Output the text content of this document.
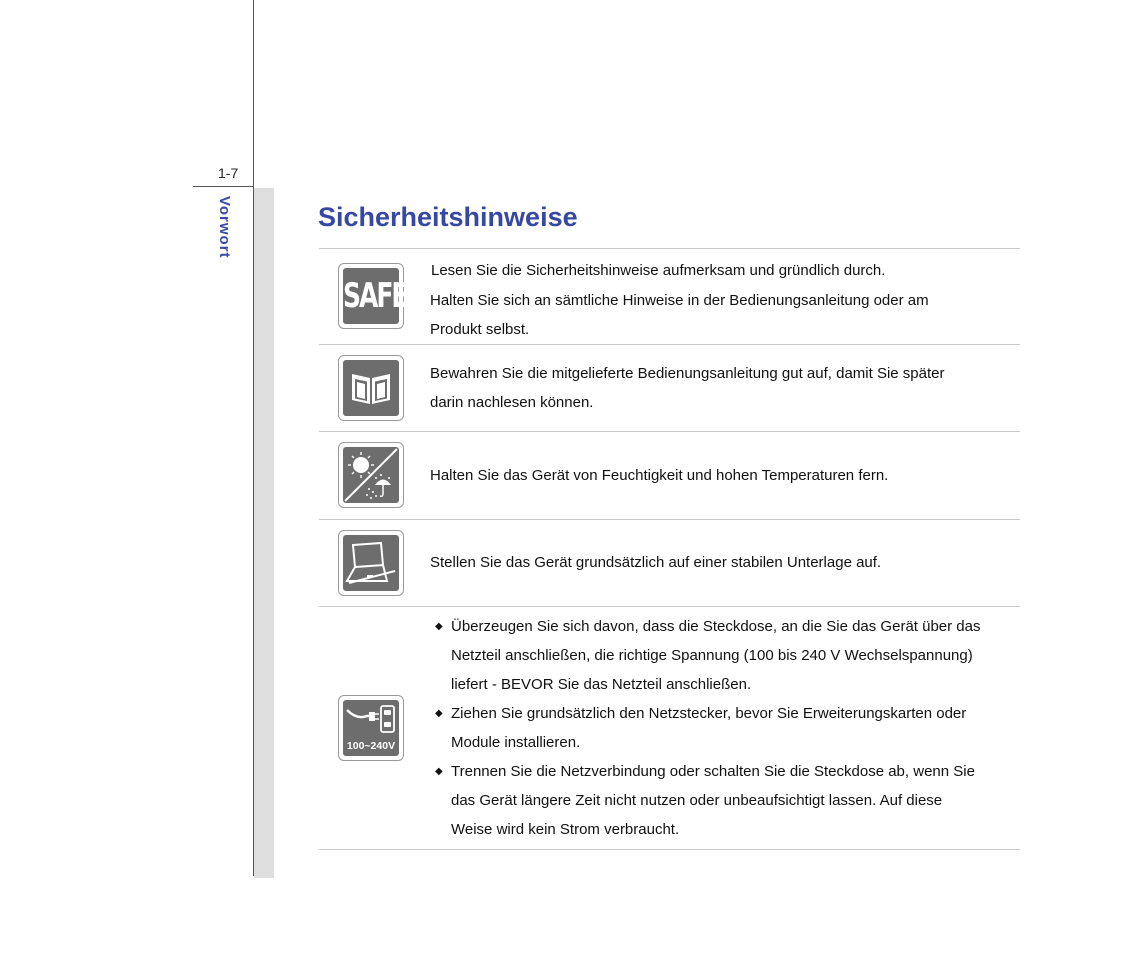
1-7
Vorwort	Sicherheitshinweise
SAFE
Lesen Sie die Sicherheitshinweise aufmerksam und gründlich durch.
Halten Sie sich an sämtliche Hinweise in der Bedienungsanleitung oder am
Produkt selbst.
Bewahren Sie die mitgelieferte Bedienungsanleitung gut auf, damit Sie später
darin nachlesen können.
Halten Sie das Gerät von Feuchtigkeit und hohen Temperaturen fern.
Stellen Sie das Gerät grundsätzlich auf einer stabilen Unterlage auf.
100~240V
◆ Überzeugen Sie sich davon, dass die Steckdose, an die Sie das Gerät über das
Netzteil anschließen, die richtige Spannung (100 bis 240 V Wechselspannung)
liefert - BEVOR Sie das Netzteil anschließen.
◆ Ziehen Sie grundsätzlich den Netzstecker, bevor Sie Erweiterungskarten oder
Module installieren.
◆ Trennen Sie die Netzverbindung oder schalten Sie die Steckdose ab, wenn Sie
das Gerät längere Zeit nicht nutzen oder unbeaufsichtigt lassen. Auf diese
Weise wird kein Strom verbraucht.
